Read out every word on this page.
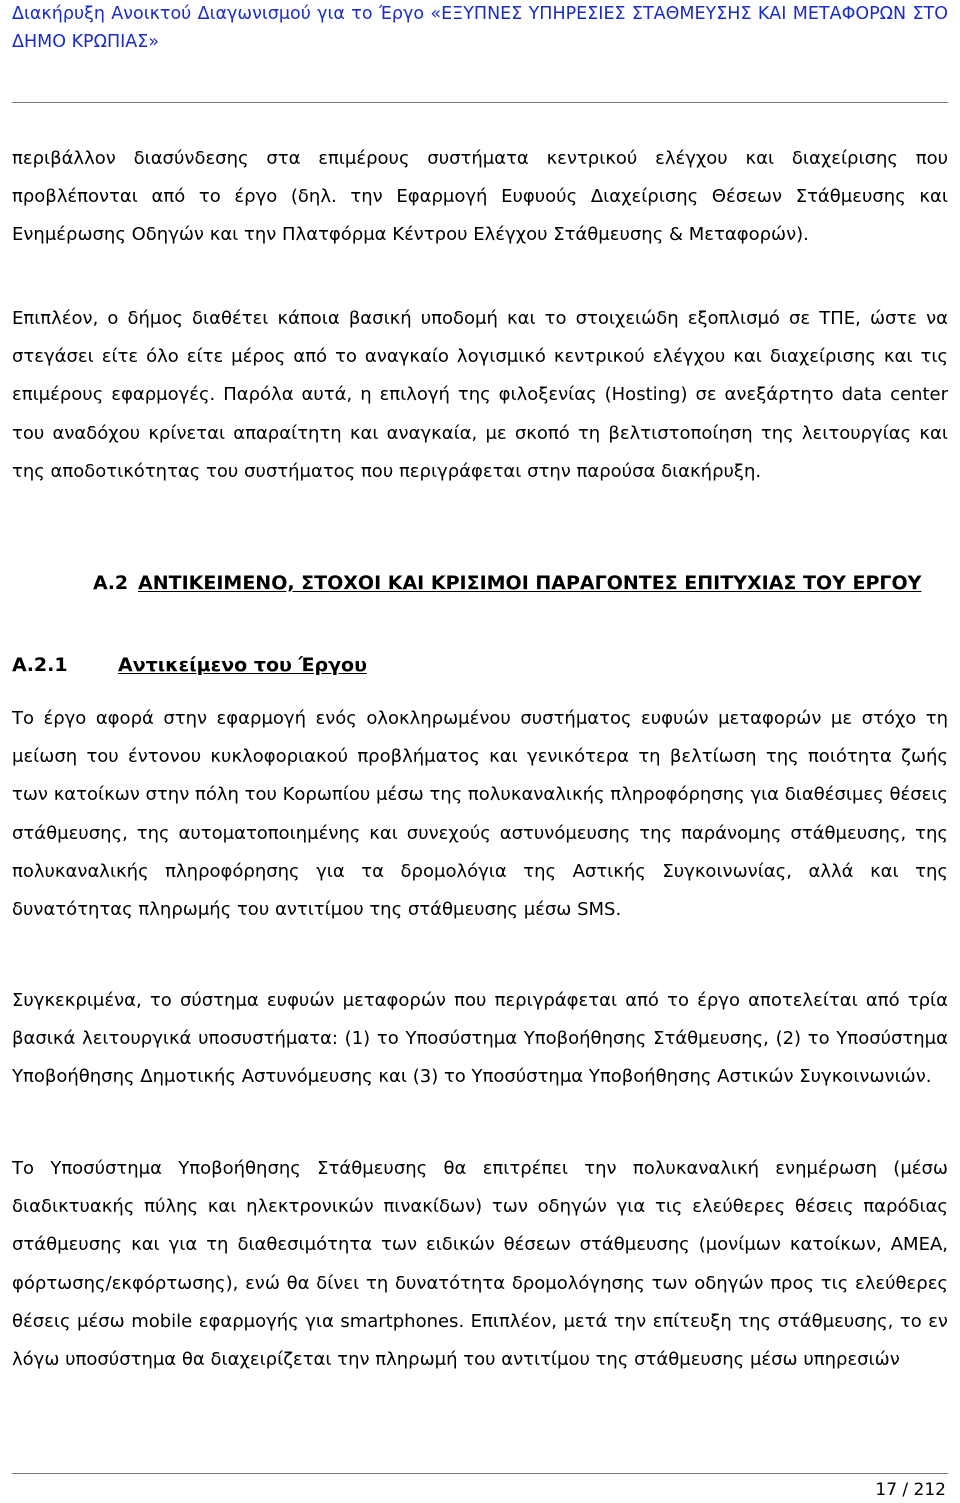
Διακήρυξη Ανοικτού Διαγωνισμού για το Έργο «ΕΞΥΠΝΕΣ ΥΠΗΡΕΣΙΕΣ ΣΤΑΘΜΕΥΣΗΣ ΚΑΙ ΜΕΤΑΦΟΡΩΝ ΣΤΟ ΔΗΜΟ ΚΡΩΠΙΑΣ»

περιβάλλον διασύνδεσης στα επιμέρους συστήματα κεντρικού ελέγχου και διαχείρισης που προβλέπονται από το έργο (δηλ. την Εφαρμογή Ευφυούς Διαχείρισης Θέσεων Στάθμευσης και Ενημέρωσης Οδηγών και την Πλατφόρμα Κέντρου Ελέγχου Στάθμευσης & Μεταφορών).

Επιπλέον, ο δήμος διαθέτει κάποια βασική υποδομή και το στοιχειώδη εξοπλισμό σε ΤΠΕ, ώστε να στεγάσει είτε όλο είτε μέρος από το αναγκαίο λογισμικό κεντρικού ελέγχου και διαχείρισης και τις επιμέρους εφαρμογές. Παρόλα αυτά, η επιλογή της φιλοξενίας (Hosting) σε ανεξάρτητο data center του αναδόχου κρίνεται απαραίτητη και αναγκαία, με σκοπό τη βελτιστοποίηση της λειτουργίας και της αποδοτικότητας του συστήματος που περιγράφεται στην παρούσα διακήρυξη.

Α.2 ΑΝΤΙΚΕΙΜΕΝΟ, ΣΤΟΧΟΙ ΚΑΙ ΚΡΙΣΙΜΟΙ ΠΑΡΑΓΟΝΤΕΣ ΕΠΙΤΥΧΙΑΣ ΤΟΥ ΕΡΓΟΥ
Α.2.1	Αντικείμενο του Έργου

Το έργο αφορά στην εφαρμογή ενός ολοκληρωμένου συστήματος ευφυών μεταφορών με στόχο τη μείωση του έντονου κυκλοφοριακού προβλήματος και γενικότερα τη βελτίωση της ποιότητα ζωής των κατοίκων στην πόλη του Κορωπίου μέσω της πολυκαναλικής πληροφόρησης για διαθέσιμες θέσεις στάθμευσης, της αυτοματοποιημένης και συνεχούς αστυνόμευσης της παράνομης στάθμευσης, της πολυκαναλικής πληροφόρησης για τα δρομολόγια της Αστικής Συγκοινωνίας, αλλά και της δυνατότητας πληρωμής του αντιτίμου της στάθμευσης μέσω SMS.

Συγκεκριμένα, το σύστημα ευφυών μεταφορών που περιγράφεται από το έργο αποτελείται από τρία βασικά λειτουργικά υποσυστήματα: (1) το Υποσύστημα Υποβοήθησης Στάθμευσης, (2) το Υποσύστημα Υποβοήθησης Δημοτικής Αστυνόμευσης και (3) το Υποσύστημα Υποβοήθησης Αστικών Συγκοινωνιών.

Το Υποσύστημα Υποβοήθησης Στάθμευσης θα επιτρέπει την πολυκαναλική ενημέρωση (μέσω διαδικτυακής πύλης και ηλεκτρονικών πινακίδων) των οδηγών για τις ελεύθερες θέσεις παρόδιας στάθμευσης και για τη διαθεσιμότητα των ειδικών θέσεων στάθμευσης (μονίμων κατοίκων, ΑΜΕΑ, φόρτωσης/εκφόρτωσης), ενώ θα δίνει τη δυνατότητα δρομολόγησης των οδηγών προς τις ελεύθερες θέσεις μέσω mobile εφαρμογής για smartphones. Επιπλέον, μετά την επίτευξη της στάθμευσης, το εν λόγω υποσύστημα θα διαχειρίζεται την πληρωμή του αντιτίμου της στάθμευσης μέσω υπηρεσιών

17 / 212
